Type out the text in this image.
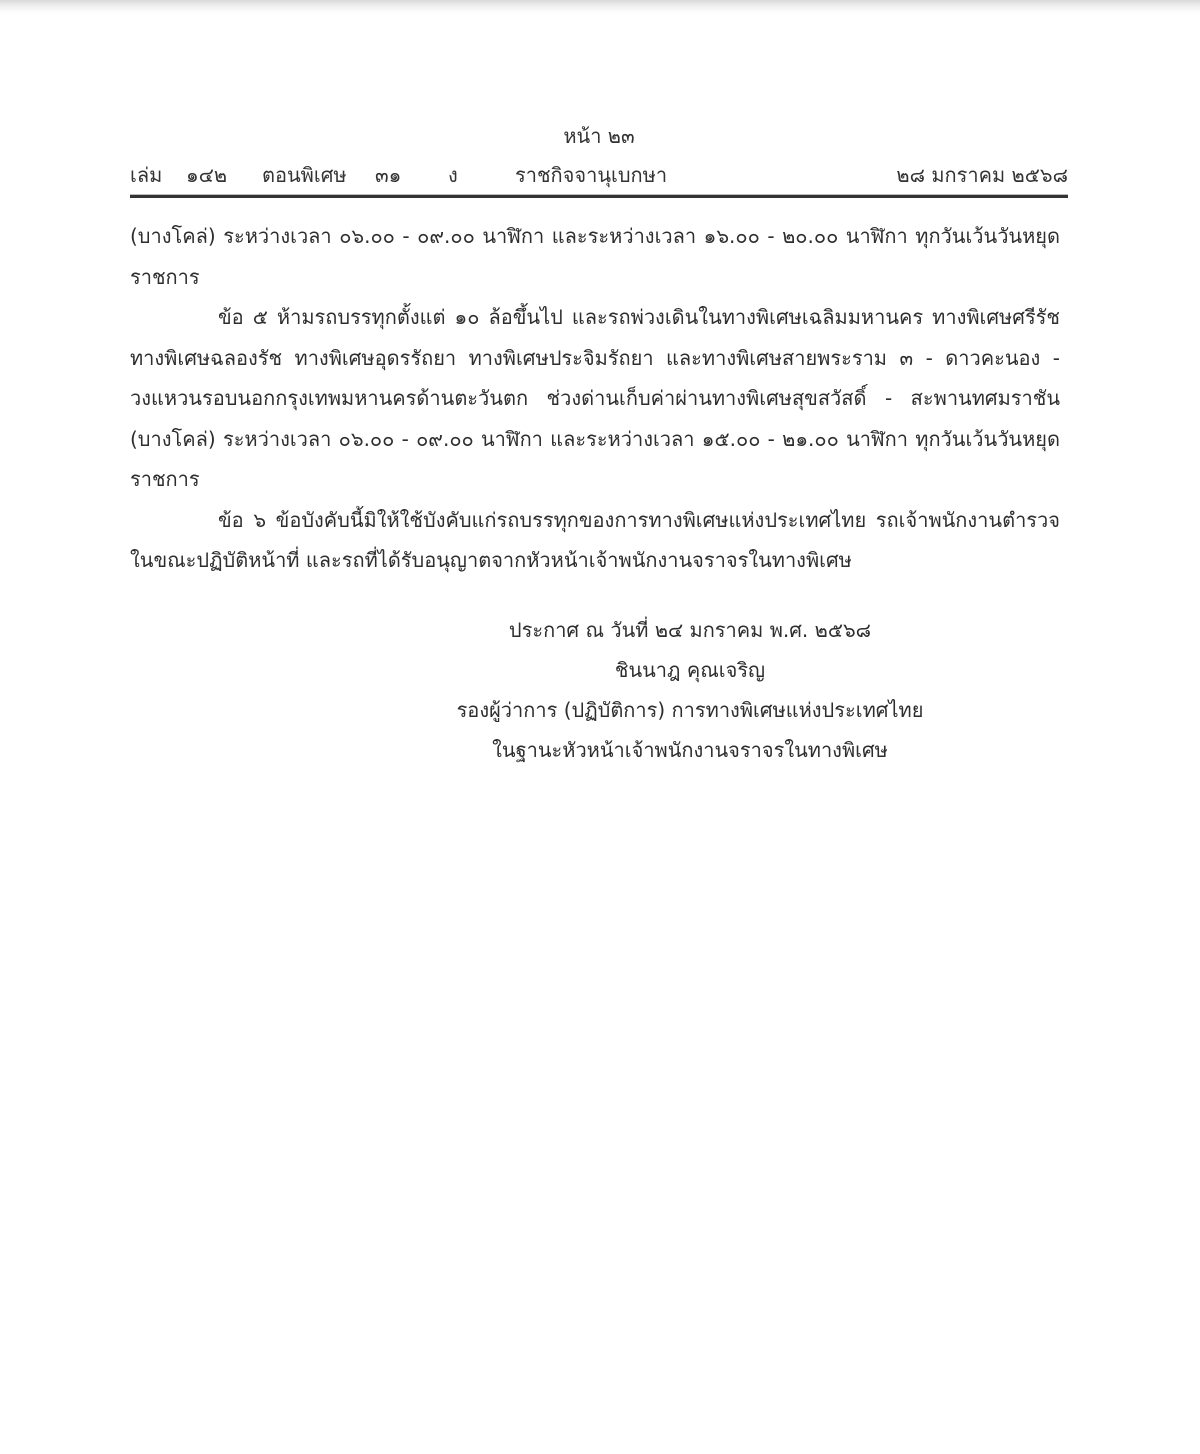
หน้า ๒๓
เล่ม ๑๔๒ ตอนพิเศษ ๓๑ ง	ราชกิจจานุเบกษา	๒๘ มกราคม ๒๕๖๘

(บางโคล่) ระหว่างเวลา ๐๖.๐๐ - ๐๙.๐๐ นาฬิกา และระหว่างเวลา ๑๖.๐๐ - ๒๐.๐๐ นาฬิกา ทุกวันเว้นวันหยุดราชการ

ข้อ ๕ ห้ามรถบรรทุกตั้งแต่ ๑๐ ล้อขึ้นไป และรถพ่วงเดินในทางพิเศษเฉลิมมหานคร ทางพิเศษศรีรัช ทางพิเศษฉลองรัช ทางพิเศษอุดรรัถยา ทางพิเศษประจิมรัถยา และทางพิเศษสายพระราม ๓ - ดาวคะนอง - วงแหวนรอบนอกกรุงเทพมหานครด้านตะวันตก ช่วงด่านเก็บค่าผ่านทางพิเศษสุขสวัสดิ์ - สะพานทศมราชัน (บางโคล่) ระหว่างเวลา ๐๖.๐๐ - ๐๙.๐๐ นาฬิกา และระหว่างเวลา ๑๕.๐๐ - ๒๑.๐๐ นาฬิกา ทุกวันเว้นวันหยุดราชการ

ข้อ ๖ ข้อบังคับนี้มิให้ใช้บังคับแก่รถบรรทุกของการทางพิเศษแห่งประเทศไทย รถเจ้าพนักงานตำรวจในขณะปฏิบัติหน้าที่ และรถที่ได้รับอนุญาตจากหัวหน้าเจ้าพนักงานจราจรในทางพิเศษ

ประกาศ ณ วันที่ ๒๔ มกราคม พ.ศ. ๒๕๖๘
ชินนาฎ คุณเจริญ
รองผู้ว่าการ (ปฏิบัติการ) การทางพิเศษแห่งประเทศไทย
ในฐานะหัวหน้าเจ้าพนักงานจราจรในทางพิเศษ
